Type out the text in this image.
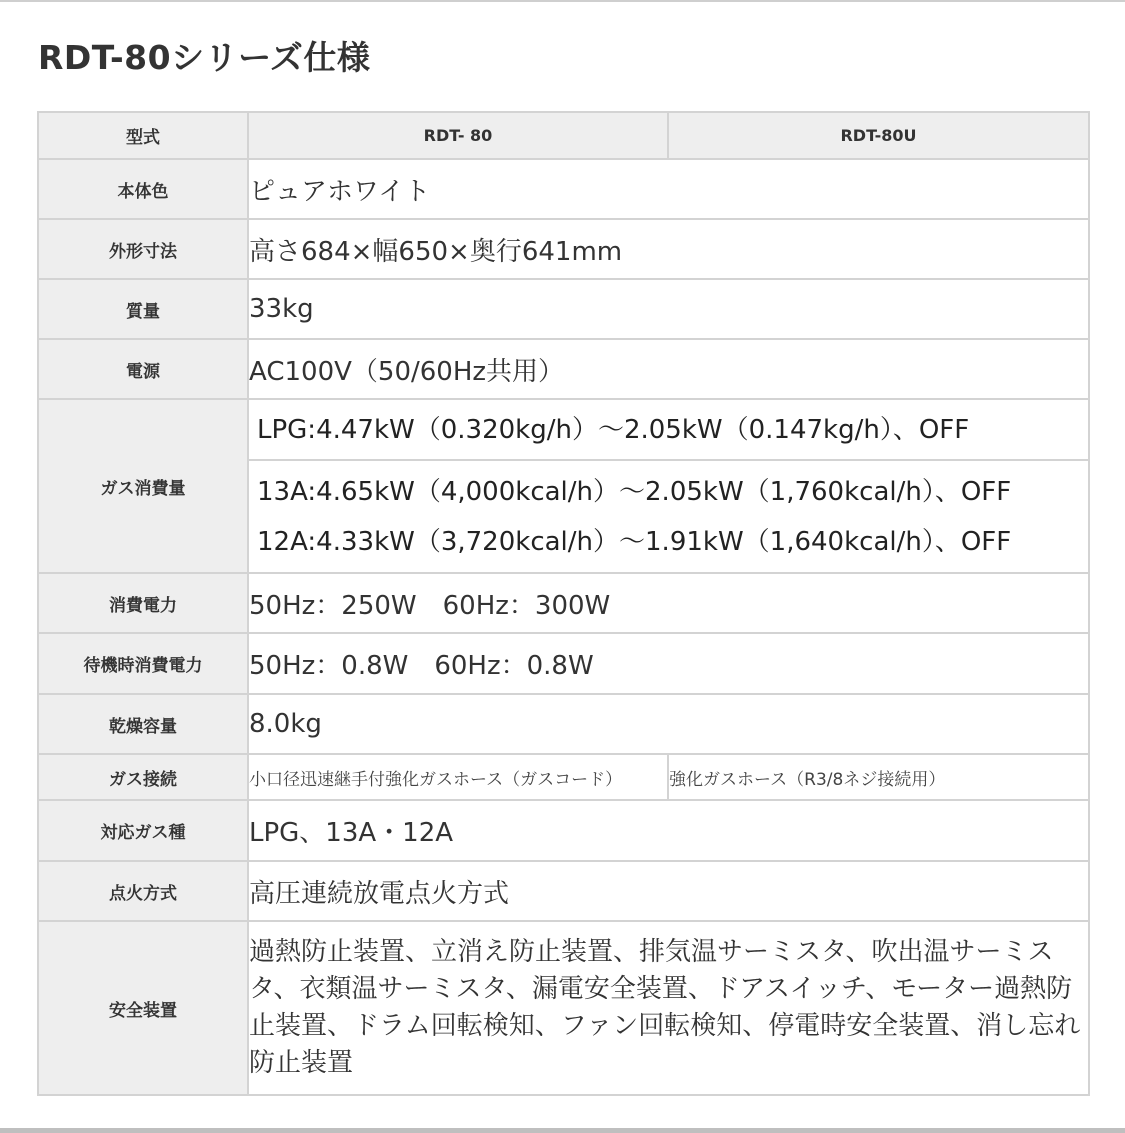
RDT-80シリーズ仕様
型式	RDT- 80	RDT-80U
本体色	ピュアホワイト	
外形寸法	高さ684×幅650×奥行641mm	
質量	33kg	
電源	AC100V（50/60Hz共用）	
ガス消費量	LPG:4.47kW（0.320kg/h）～2.05kW（0.147kg/h）、OFF
13A:4.65kW（4,000kcal/h）～2.05kW（1,760kcal/h）、OFF
12A:4.33kW（3,720kcal/h）～1.91kW（1,640kcal/h）、OFF	

消費電力	50Hz：250W　60Hz：300W	
待機時消費電力	50Hz：0.8W　60Hz：0.8W	
乾燥容量	8.0kg	
ガス接続	小口径迅速継手付強化ガスホース（ガスコード）	強化ガスホース（R3/8ネジ接続用）
対応ガス種	LPG、13A・12A	
点火方式	高圧連続放電点火方式	
安全装置	過熱防止装置、立消え防止装置、排気温サーミスタ、吹出温サーミスタ、衣類温サーミスタ、漏電安全装置、ドアスイッチ、モーター過熱防止装置、ドラム回転検知、ファン回転検知、停電時安全装置、消し忘れ防止装置	
